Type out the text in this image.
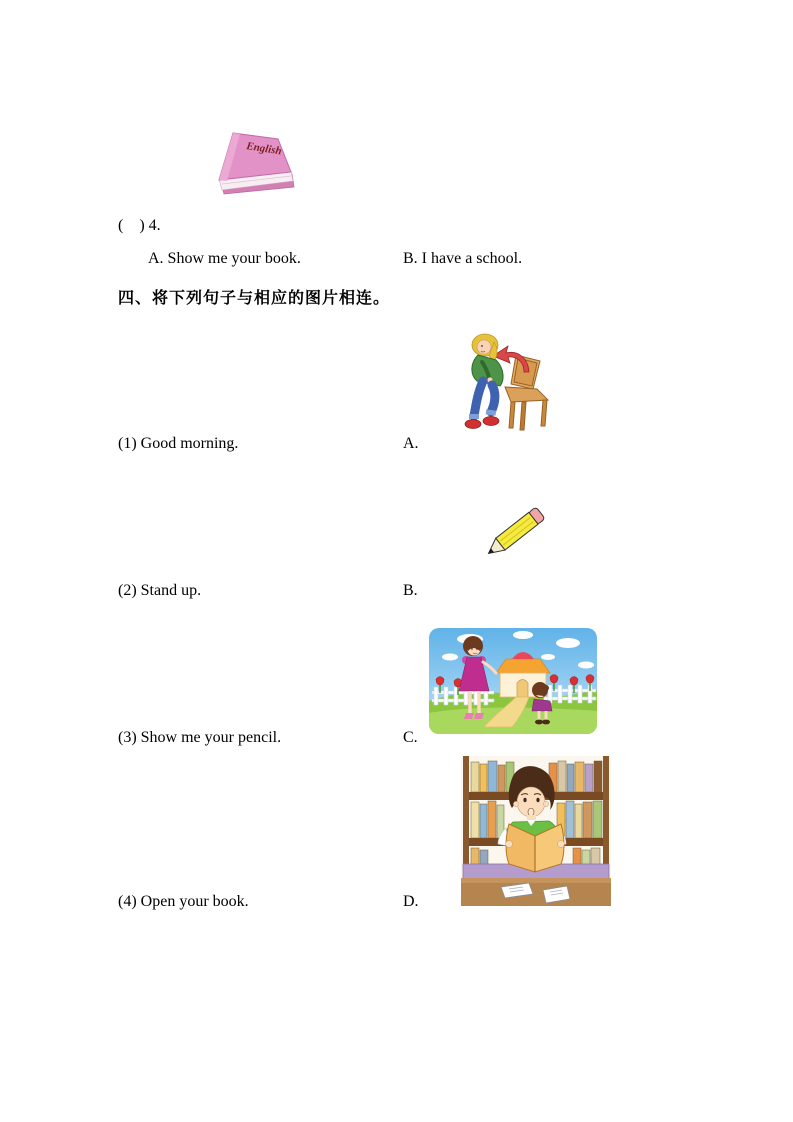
English
(    ) 4.
A. Show me your book.	B. I have a school.
四、将下列句子与相应的图片相连。
(1) Good morning.	A.
(2) Stand up.	B.
(3) Show me your pencil.	C.
(4) Open your book.	D.
